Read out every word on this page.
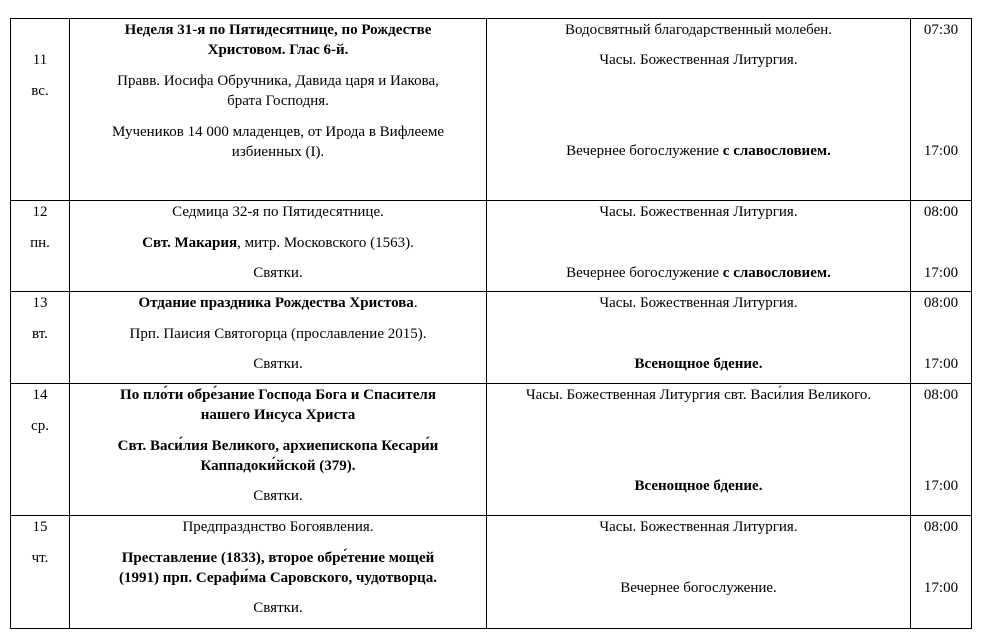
11
вс.
Неделя 31-я по Пятидесятнице, по Рождестве
Христовом. Глас 6-й.
Правв. Иосифа Обручника, Давида царя и Иакова,
брата Господня.
Мучеников 14 000 младенцев, от Ирода в Вифлееме
избиенных (I).
Водосвятный благодарственный молебен.
Часы. Божественная Литургия.
Вечернее богослужение с славословием.
07:30
17:00
12
пн.
Седмица 32-я по Пятидесятнице.
Свт. Макария, митр. Московского (1563).
Святки.
Часы. Божественная Литургия.
Вечернее богослужение с славословием.
08:00
17:00
13
вт.
Отдание праздника Рождества Христова.
Прп. Паисия Святогорца (прославление 2015).
Святки.
Часы. Божественная Литургия.
Всенощное бдение.
08:00
17:00
14
ср.
По пло́ти обре́зание Господа Бога и Спасителя
нашего Иисуса Христа
Свт. Васи́лия Великого, архиепископа Кесари́и
Каппадоки́йской (379).
Святки.
Часы. Божественная Литургия свт. Васи́лия Великого.
Всенощное бдение.
08:00
17:00
15
чт.
Предпразднство Богоявления.
Преставление (1833), второе обре́тение мощей
(1991) прп. Серафи́ма Саровского, чудотворца.
Святки.
Часы. Божественная Литургия.
Вечернее богослужение.
08:00
17:00
